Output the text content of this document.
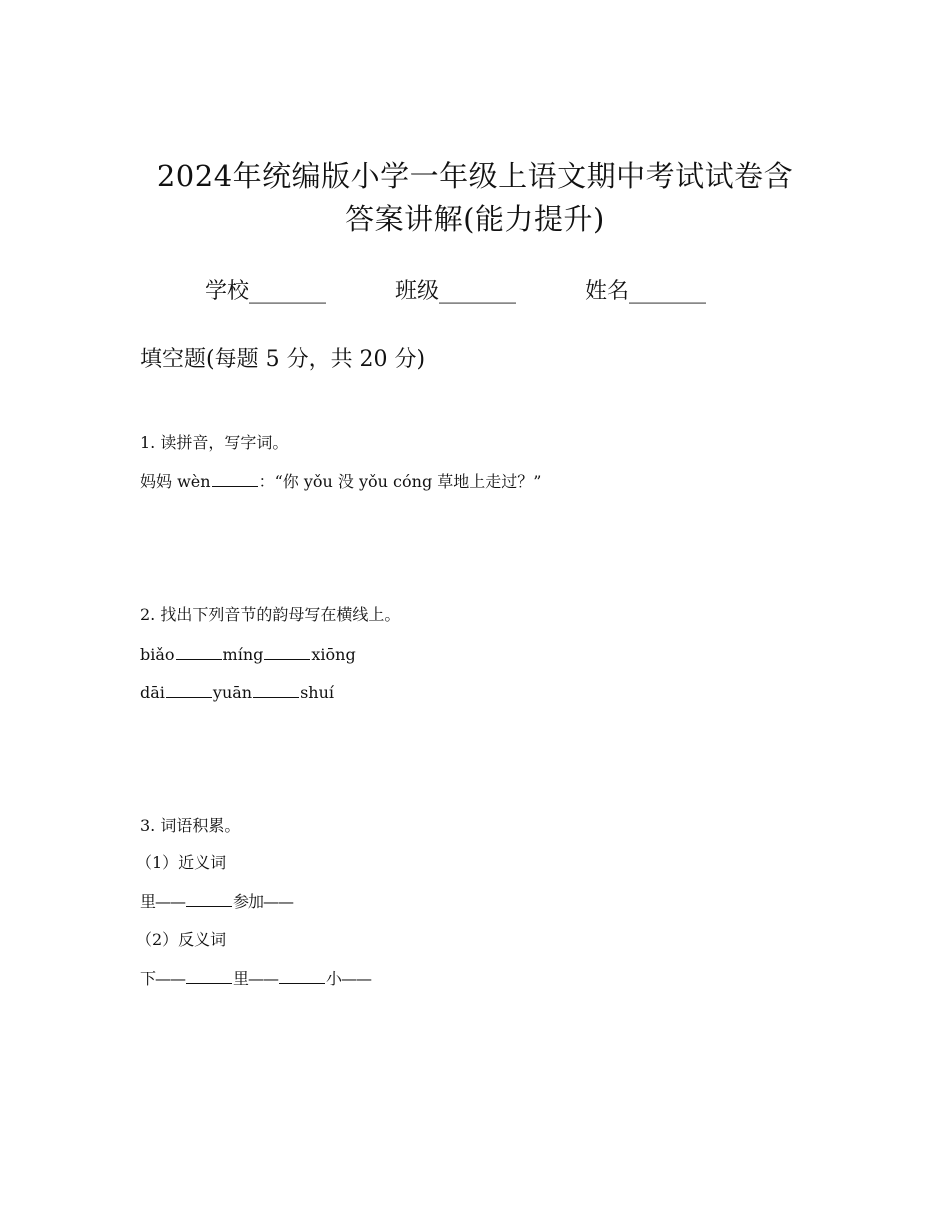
2024年统编版小学一年级上语文期中考试试卷含
答案讲解(能力提升)
学校_______	班级_______	姓名_______
填空题(每题 5 分，共 20 分)
1. 读拼音，写字词。
妈妈 wèn	：“你 yǒu 没 yǒu cóng 草地上走过？”
2. 找出下列音节的韵母写在横线上。
biǎo	míng	xiōng
dāi	yuān	shuí
3. 词语积累。
（1）近义词
里——	参加——
（2）反义词
下——	里——	小——
